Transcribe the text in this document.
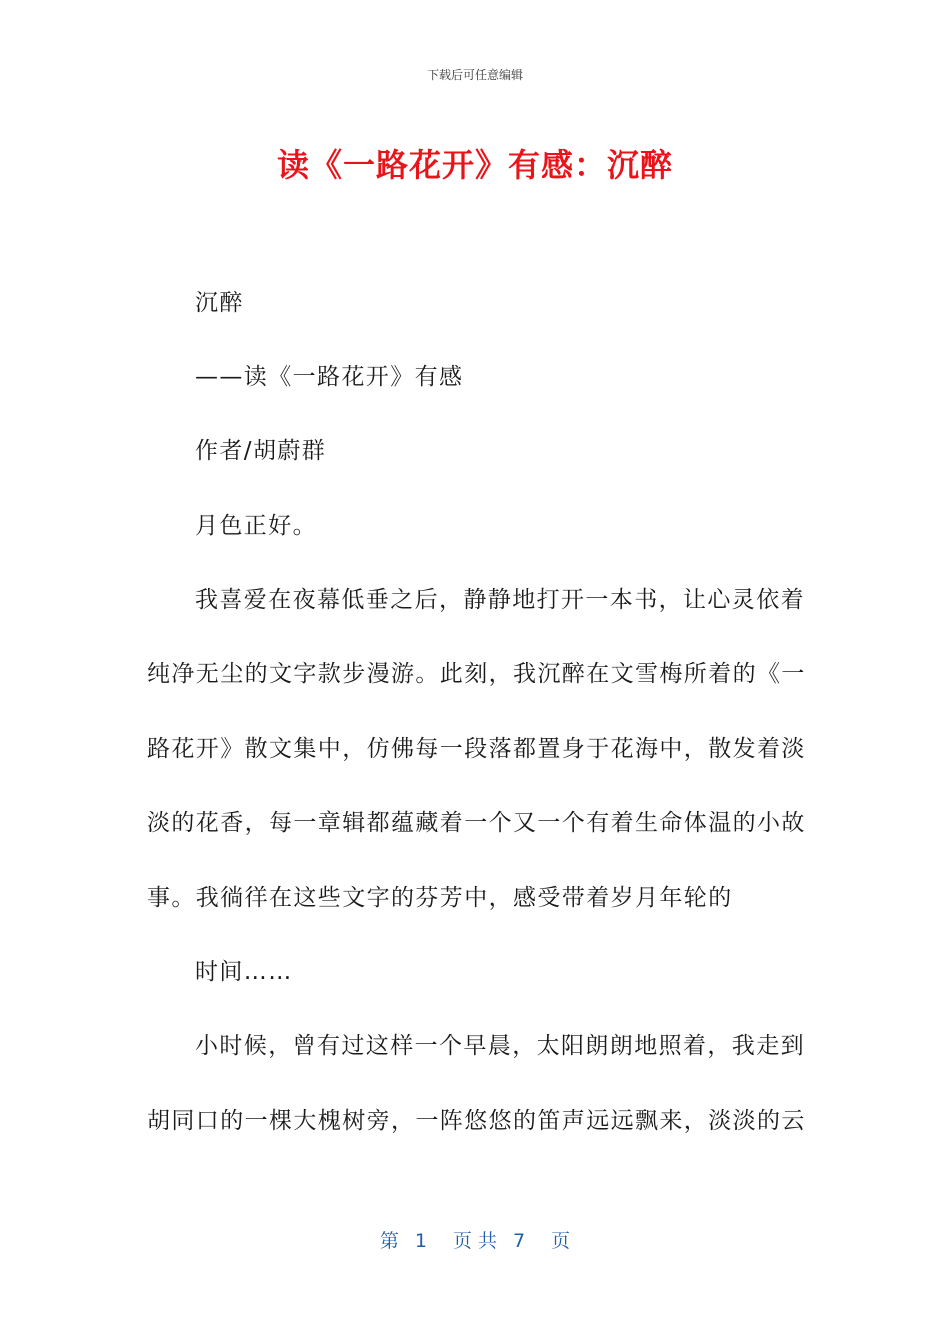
下载后可任意编辑
读《一路花开》有感：沉醉
沉醉
——读《一路花开》有感
作者/胡蔚群
月色正好。
我喜爱在夜幕低垂之后，静静地打开一本书，让心灵依着
纯净无尘的文字款步漫游。此刻，我沉醉在文雪梅所着的《一
路花开》散文集中，仿佛每一段落都置身于花海中，散发着淡
淡的花香，每一章辑都蕴藏着一个又一个有着生命体温的小故
事。我徜徉在这些文字的芬芳中，感受带着岁月年轮的
时间……
小时候，曾有过这样一个早晨，太阳朗朗地照着，我走到
胡同口的一棵大槐树旁，一阵悠悠的笛声远远飘来，淡淡的云
第 1 页 共 7 页
